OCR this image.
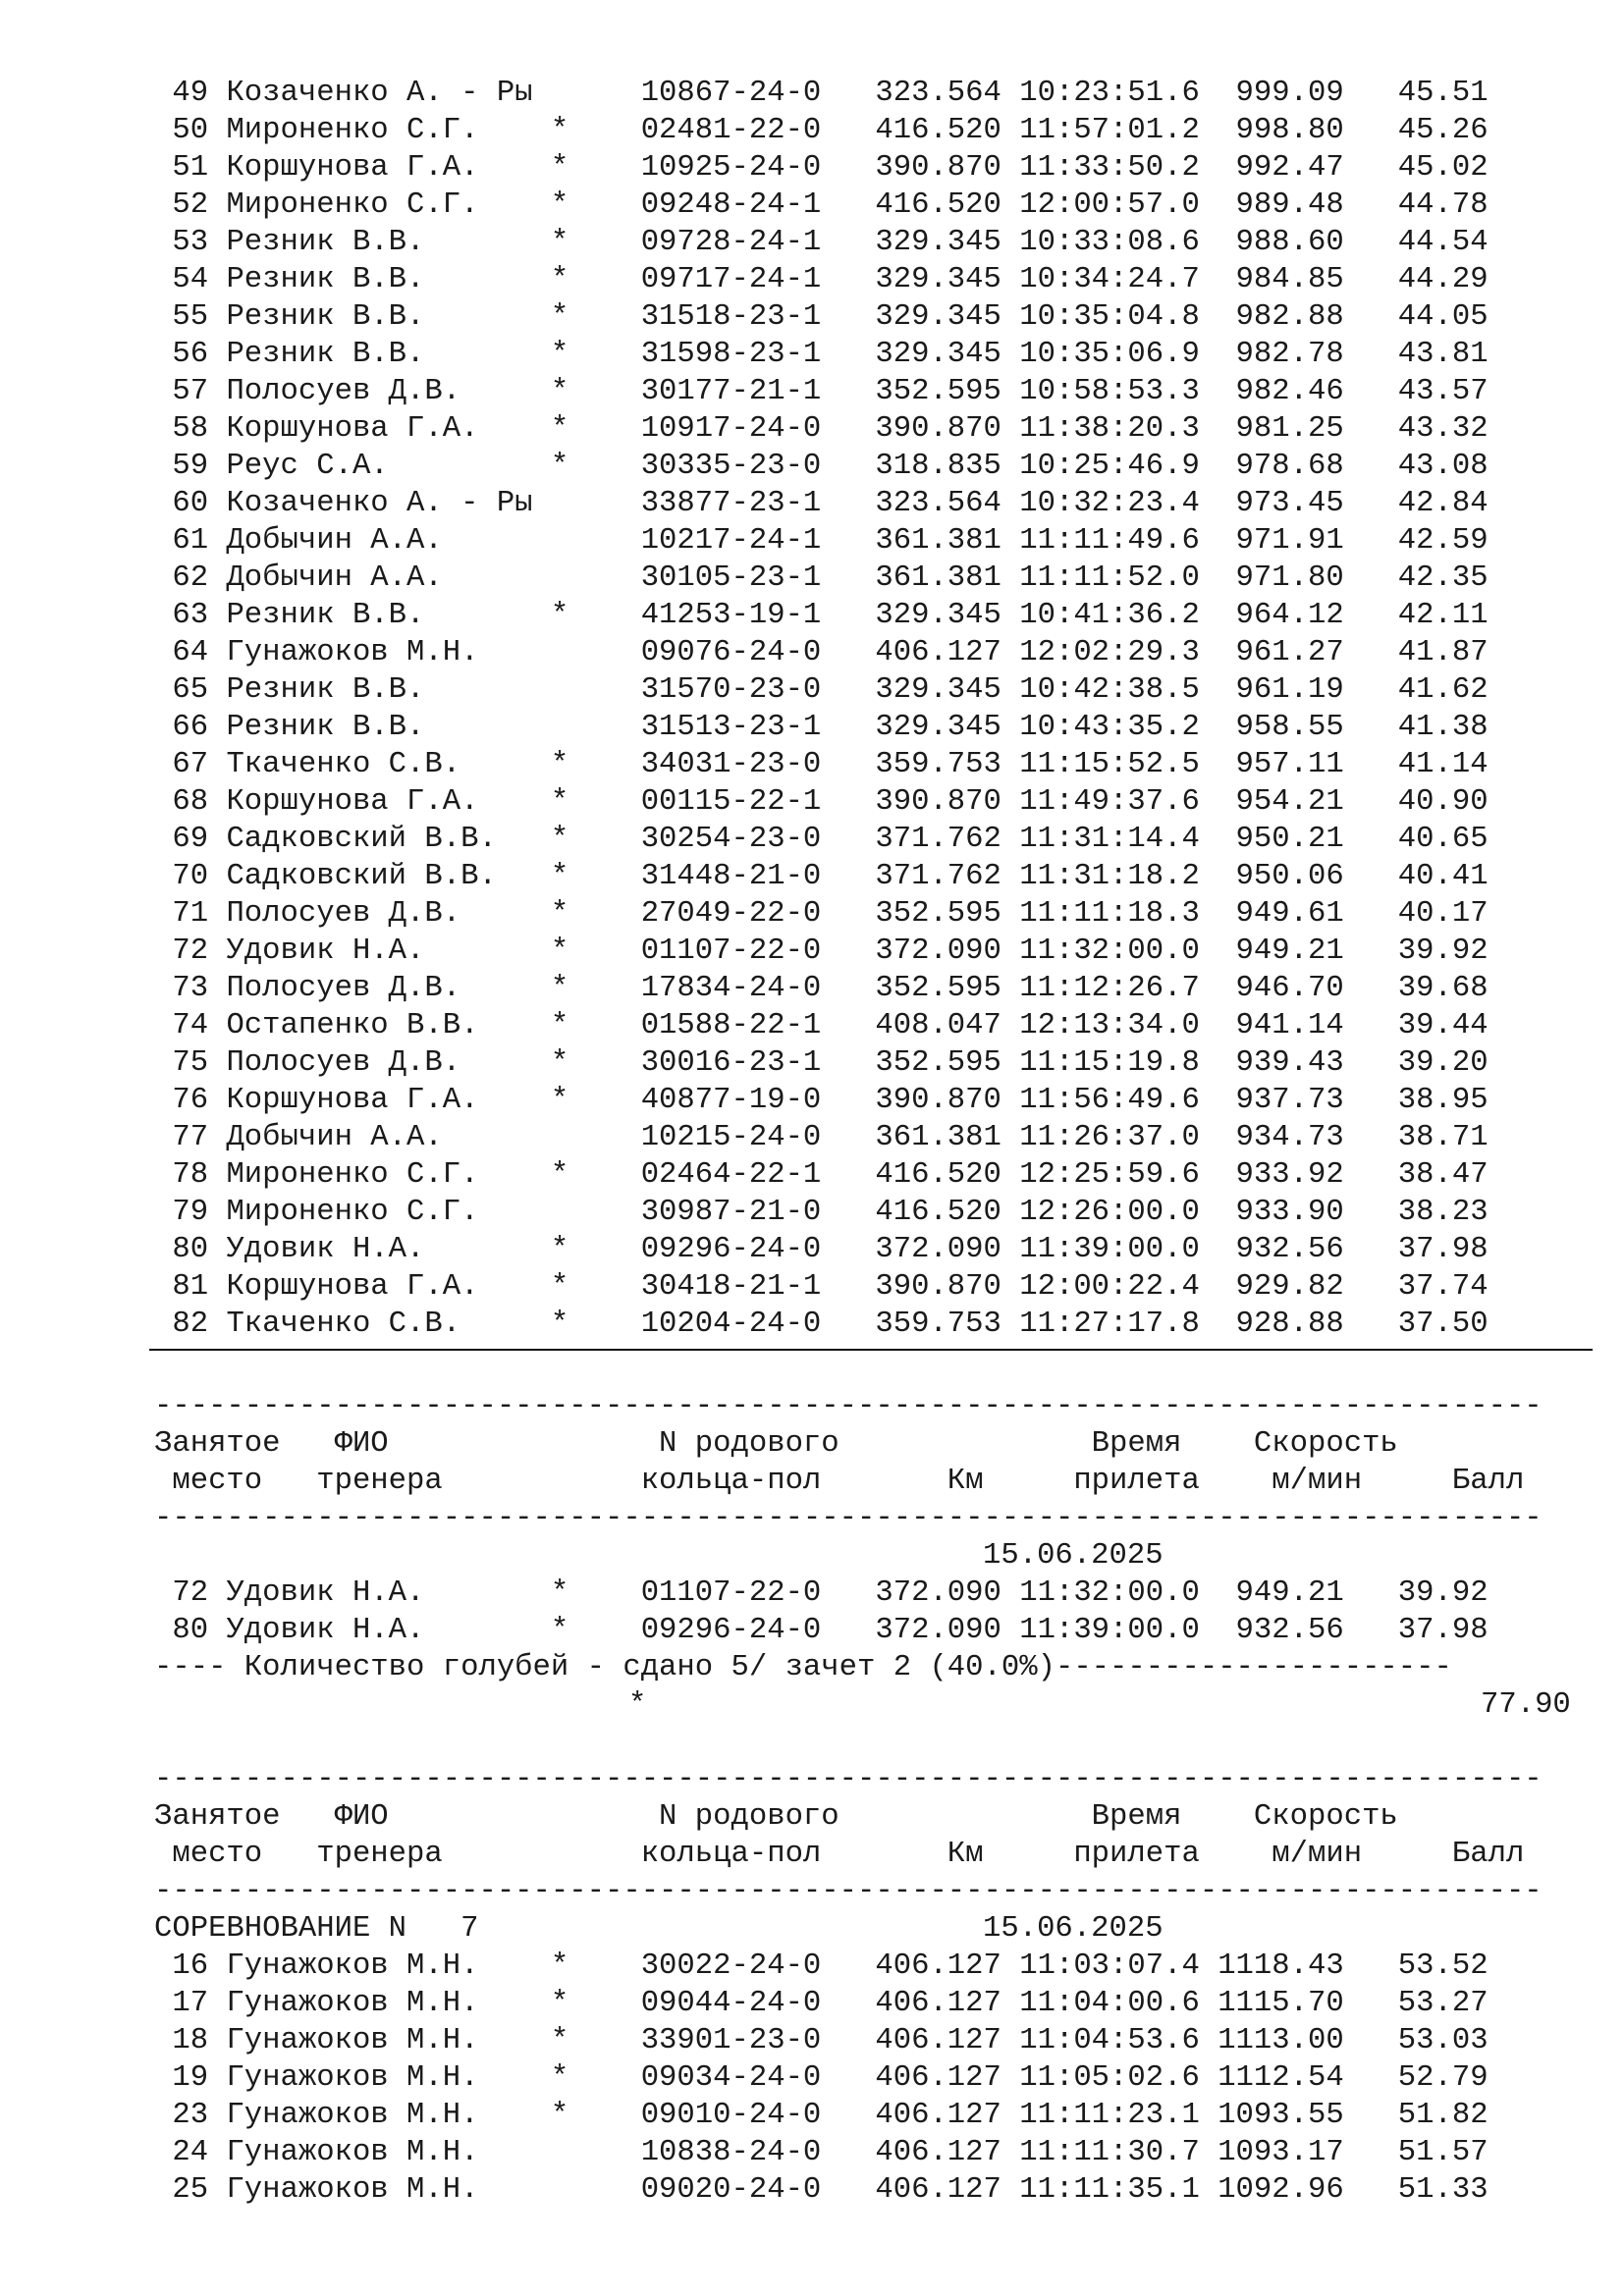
49 Козаченко А. - Ры	10867-24-0 323.564 10:23:51.6  999.09   45.51
50 Мироненко С.Г.    *    02481-22-0 416.520 11:57:01.2  998.80   45.26
51 Коршунова Г.А.    *    10925-24-0 390.870 11:33:50.2  992.47   45.02
52 Мироненко С.Г.    *    09248-24-1 416.520 12:00:57.0  989.48   44.78
53 Резник В.В.       *    09728-24-1 329.345 10:33:08.6  988.60   44.54
54 Резник В.В.       *    09717-24-1 329.345 10:34:24.7  984.85   44.29
55 Резник В.В.       *    31518-23-1 329.345 10:35:04.8  982.88   44.05
56 Резник В.В.       *    31598-23-1 329.345 10:35:06.9  982.78   43.81
57 Полосуев Д.В.     *    30177-21-1 352.595 10:58:53.3  982.46   43.57
58 Коршунова Г.А.    *    10917-24-0 390.870 11:38:20.3  981.25   43.32
59 Реус С.А.         *    30335-23-0 318.835 10:25:46.9  978.68   43.08
60 Козаченко А. - Ры	33877-23-1 323.564 10:32:23.4  973.45   42.84
61 Добычин А.А.	10217-24-1 361.381 11:11:49.6  971.91   42.59
62 Добычин А.А.	30105-23-1 361.381 11:11:52.0  971.80   42.35
63 Резник В.В.       *    41253-19-1 329.345 10:41:36.2  964.12   42.11
64 Гунажоков М.Н.	09076-24-0 406.127 12:02:29.3  961.27   41.87
65 Резник В.В.	31570-23-0 329.345 10:42:38.5  961.19   41.62
66 Резник В.В.	31513-23-1 329.345 10:43:35.2  958.55   41.38
67 Ткаченко С.В.     *    34031-23-0 359.753 11:15:52.5  957.11   41.14
68 Коршунова Г.А.    *    00115-22-1 390.870 11:49:37.6  954.21   40.90
69 Садковский В.В.   *    30254-23-0 371.762 11:31:14.4  950.21   40.65
70 Садковский В.В.   *    31448-21-0 371.762 11:31:18.2  950.06   40.41
71 Полосуев Д.В.     *    27049-22-0 352.595 11:11:18.3  949.61   40.17
72 Удовик Н.А.       *    01107-22-0 372.090 11:32:00.0  949.21   39.92
73 Полосуев Д.В.     *    17834-24-0 352.595 11:12:26.7  946.70   39.68
74 Остапенко В.В.    *    01588-22-1 408.047 12:13:34.0  941.14   39.44
75 Полосуев Д.В.     *    30016-23-1 352.595 11:15:19.8  939.43   39.20
76 Коршунова Г.А.    *    40877-19-0 390.870 11:56:49.6  937.73   38.95
77 Добычин А.А.	10215-24-0 361.381 11:26:37.0  934.73   38.71
78 Мироненко С.Г.    *    02464-22-1 416.520 12:25:59.6  933.92   38.47
79 Мироненко С.Г.	30987-21-0 416.520 12:26:00.0  933.90   38.23
80 Удовик Н.А.       *    09296-24-0 372.090 11:39:00.0  932.56   37.98
81 Коршунова Г.А.    *    30418-21-1 390.870 12:00:22.4  929.82   37.74
82 Ткаченко С.В.     *    10204-24-0 359.753 11:27:17.8  928.88   37.50
-----------------------------------------------------------------------------
Занятое   ФИО               N родового              Время    Скорость
место   тренера           кольца-пол       Км     прилета    м/мин     Балл
-----------------------------------------------------------------------------
15.06.2025
72 Удовик Н.А.       *    01107-22-0 372.090 11:32:00.0  949.21   39.92
80 Удовик Н.А.       *    09296-24-0 372.090 11:39:00.0  932.56   37.98
---- Количество голубей - сдано 5/ зачет 2 (40.0%)----------------------
*	77.90
-----------------------------------------------------------------------------
Занятое   ФИО               N родового              Время    Скорость
место   тренера           кольца-пол       Км     прилета    м/мин     Балл
-----------------------------------------------------------------------------
СОРЕВНОВАНИЕ N   7	15.06.2025
16 Гунажоков М.Н.    *    30022-24-0 406.127 11:03:07.4 1118.43   53.52
17 Гунажоков М.Н.    *    09044-24-0 406.127 11:04:00.6 1115.70   53.27
18 Гунажоков М.Н.    *    33901-23-0 406.127 11:04:53.6 1113.00   53.03
19 Гунажоков М.Н.    *    09034-24-0 406.127 11:05:02.6 1112.54   52.79
23 Гунажоков М.Н.    *    09010-24-0 406.127 11:11:23.1 1093.55   51.82
24 Гунажоков М.Н.	10838-24-0 406.127 11:11:30.7 1093.17   51.57
25 Гунажоков М.Н.	09020-24-0 406.127 11:11:35.1 1092.96   51.33
